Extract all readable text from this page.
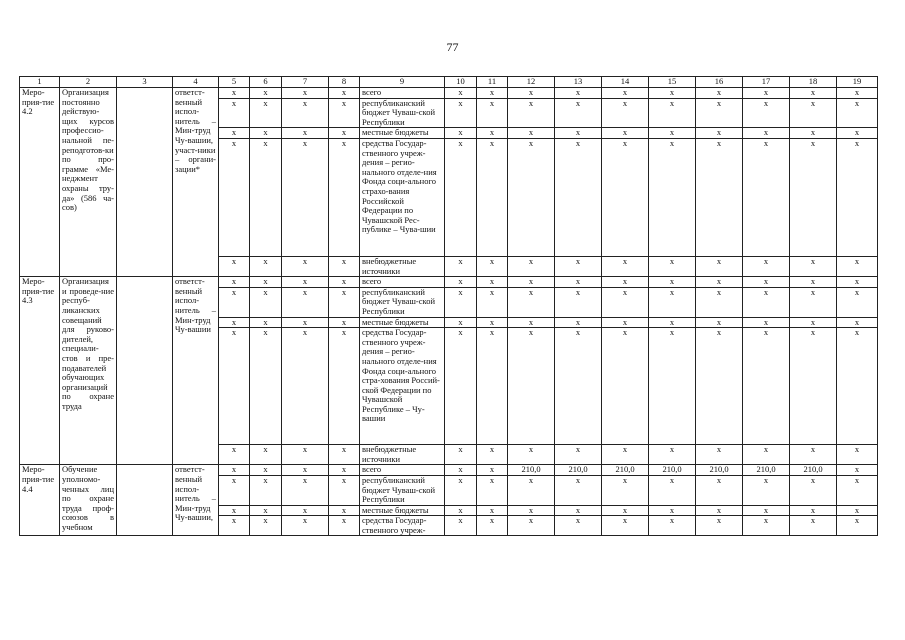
77
1	2	3	4	5	6	7	8	9	10	11	12	13	14	15	16	17	18	19
Меро-прия-тие 4.2	Организация постоянно действую-щих курсов професcио-нальной пе-реподготов-ки по про-грамме «Ме-неджмент охраны тру-да» (586 ча-сов)		ответст-венный испол-нитель – Мин-труд Чу-вашии, участ-ники – органи-зации*	х	х	х	х	всего	х	х	х	х	х	х	х	х	х	х
				х	х	х	х	республиканский бюджет Чуваш-ской Республики	х	х	х	х	х	х	х	х	х	х
				х	х	х	х	местные бюджеты	х	х	х	х	х	х	х	х	х	х
				х	х	х	х	средства Государ-ственного учреж-дения – регио-нального отделе-ния Фонда соци-ального страхо-вания Российской Федерации по Чувашской Рес-публике – Чува-шии	х	х	х	х	х	х	х	х	х	х
				х	х	х	х	внебюджетные источники	х	х	х	х	х	х	х	х	х	х
Меро-прия-тие 4.3	Организация и проведе-ние респуб-ликанских совещаний для руково-дителей, специали-стов и пре-подавателей обучающих организаций по охране труда		ответст-венный испол-нитель – Мин-труд Чу-вашии	х	х	х	х	всего	х	х	х	х	х	х	х	х	х	х
				х	х	х	х	республиканский бюджет Чуваш-ской Республики	х	х	х	х	х	х	х	х	х	х
				х	х	х	х	местные бюджеты	х	х	х	х	х	х	х	х	х	х
				х	х	х	х	средства Государ-ственного учреж-дения – регио-нального отделе-ния Фонда соци-ального стра-хования Россий-ской Федерации по Чувашской Республике – Чу-вашии	х	х	х	х	х	х	х	х	х	х
				х	х	х	х	внебюджетные источники	х	х	х	х	х	х	х	х	х	х
Меро-прия-тие 4.4	Обучение уполномо-ченных лиц по охране труда проф-союзов в учебном		ответст-венный испол-нитель – Мин-труд Чу-вашии,	х	х	х	х	всего	х	х	210,0	210,0	210,0	210,0	210,0	210,0	210,0	х
				х	х	х	х	республиканский бюджет Чуваш-ской Республики	х	х	х	х	х	х	х	х	х	х
				х	х	х	х	местные бюджеты	х	х	х	х	х	х	х	х	х	х
				х	х	х	х	средства Государ-ственного учреж-	х	х	х	х	х	х	х	х	х	х
